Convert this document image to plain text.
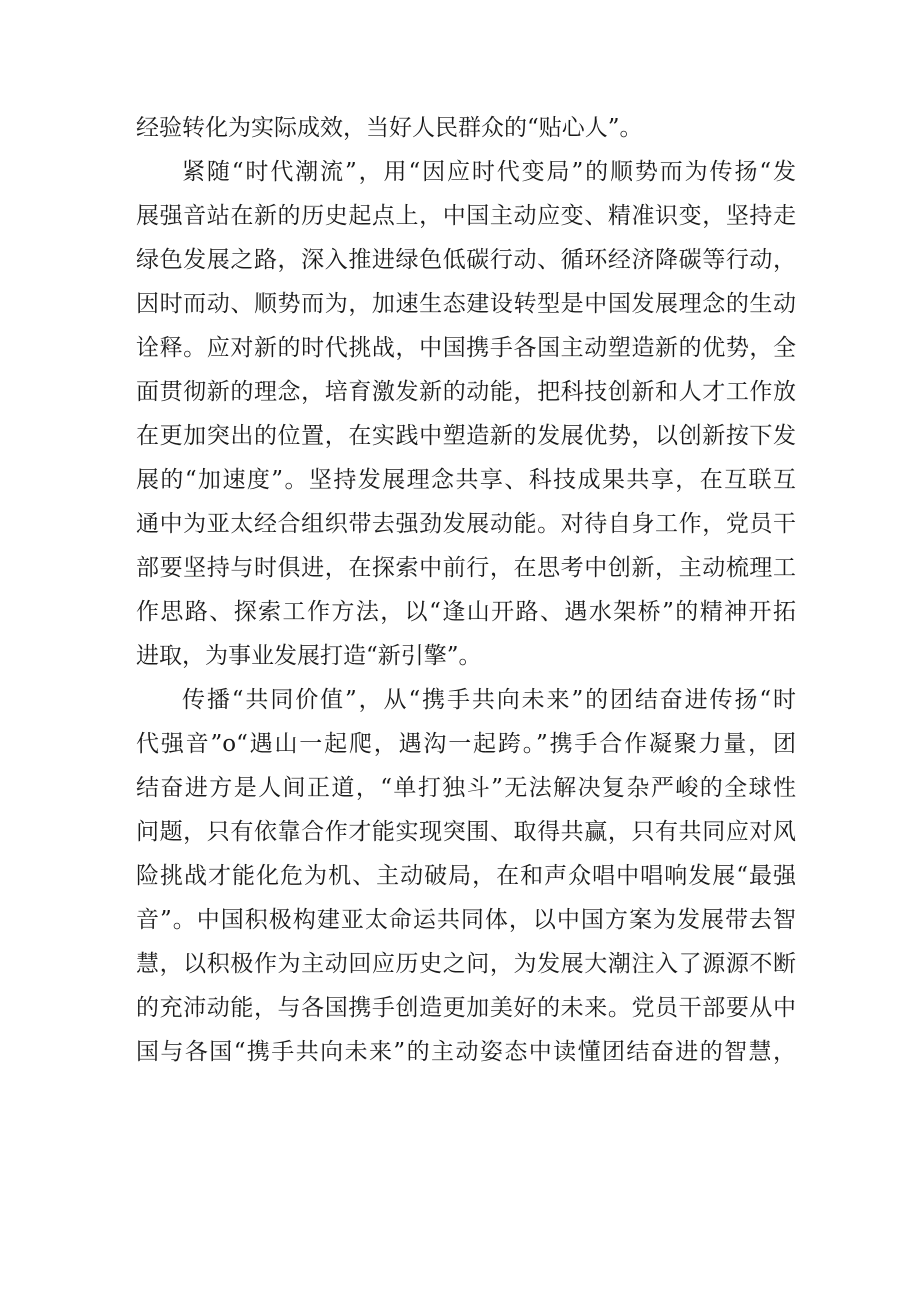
经验转化为实际成效，当好人民群众的“贴心人”。
紧随“时代潮流”，用“因应时代变局”的顺势而为传扬“发
展强音站在新的历史起点上，中国主动应变、精准识变，坚持走
绿色发展之路，深入推进绿色低碳行动、循环经济降碳等行动，
因时而动、顺势而为，加速生态建设转型是中国发展理念的生动
诠释。应对新的时代挑战，中国携手各国主动塑造新的优势，全
面贯彻新的理念，培育激发新的动能，把科技创新和人才工作放
在更加突出的位置，在实践中塑造新的发展优势，以创新按下发
展的“加速度”。坚持发展理念共享、科技成果共享，在互联互
通中为亚太经合组织带去强劲发展动能。对待自身工作，党员干
部要坚持与时俱进，在探索中前行，在思考中创新，主动梳理工
作思路、探索工作方法，以“逢山开路、遇水架桥”的精神开拓
进取，为事业发展打造“新引擎”。
传播“共同价值”，从“携手共向未来”的团结奋进传扬“时
代强音”o“遇山一起爬，遇沟一起跨。”携手合作凝聚力量，团
结奋进方是人间正道，“单打独斗”无法解决复杂严峻的全球性
问题，只有依靠合作才能实现突围、取得共赢，只有共同应对风
险挑战才能化危为机、主动破局，在和声众唱中唱响发展“最强
音”。中国积极构建亚太命运共同体，以中国方案为发展带去智
慧，以积极作为主动回应历史之问，为发展大潮注入了源源不断
的充沛动能，与各国携手创造更加美好的未来。党员干部要从中
国与各国“携手共向未来”的主动姿态中读懂团结奋进的智慧，
